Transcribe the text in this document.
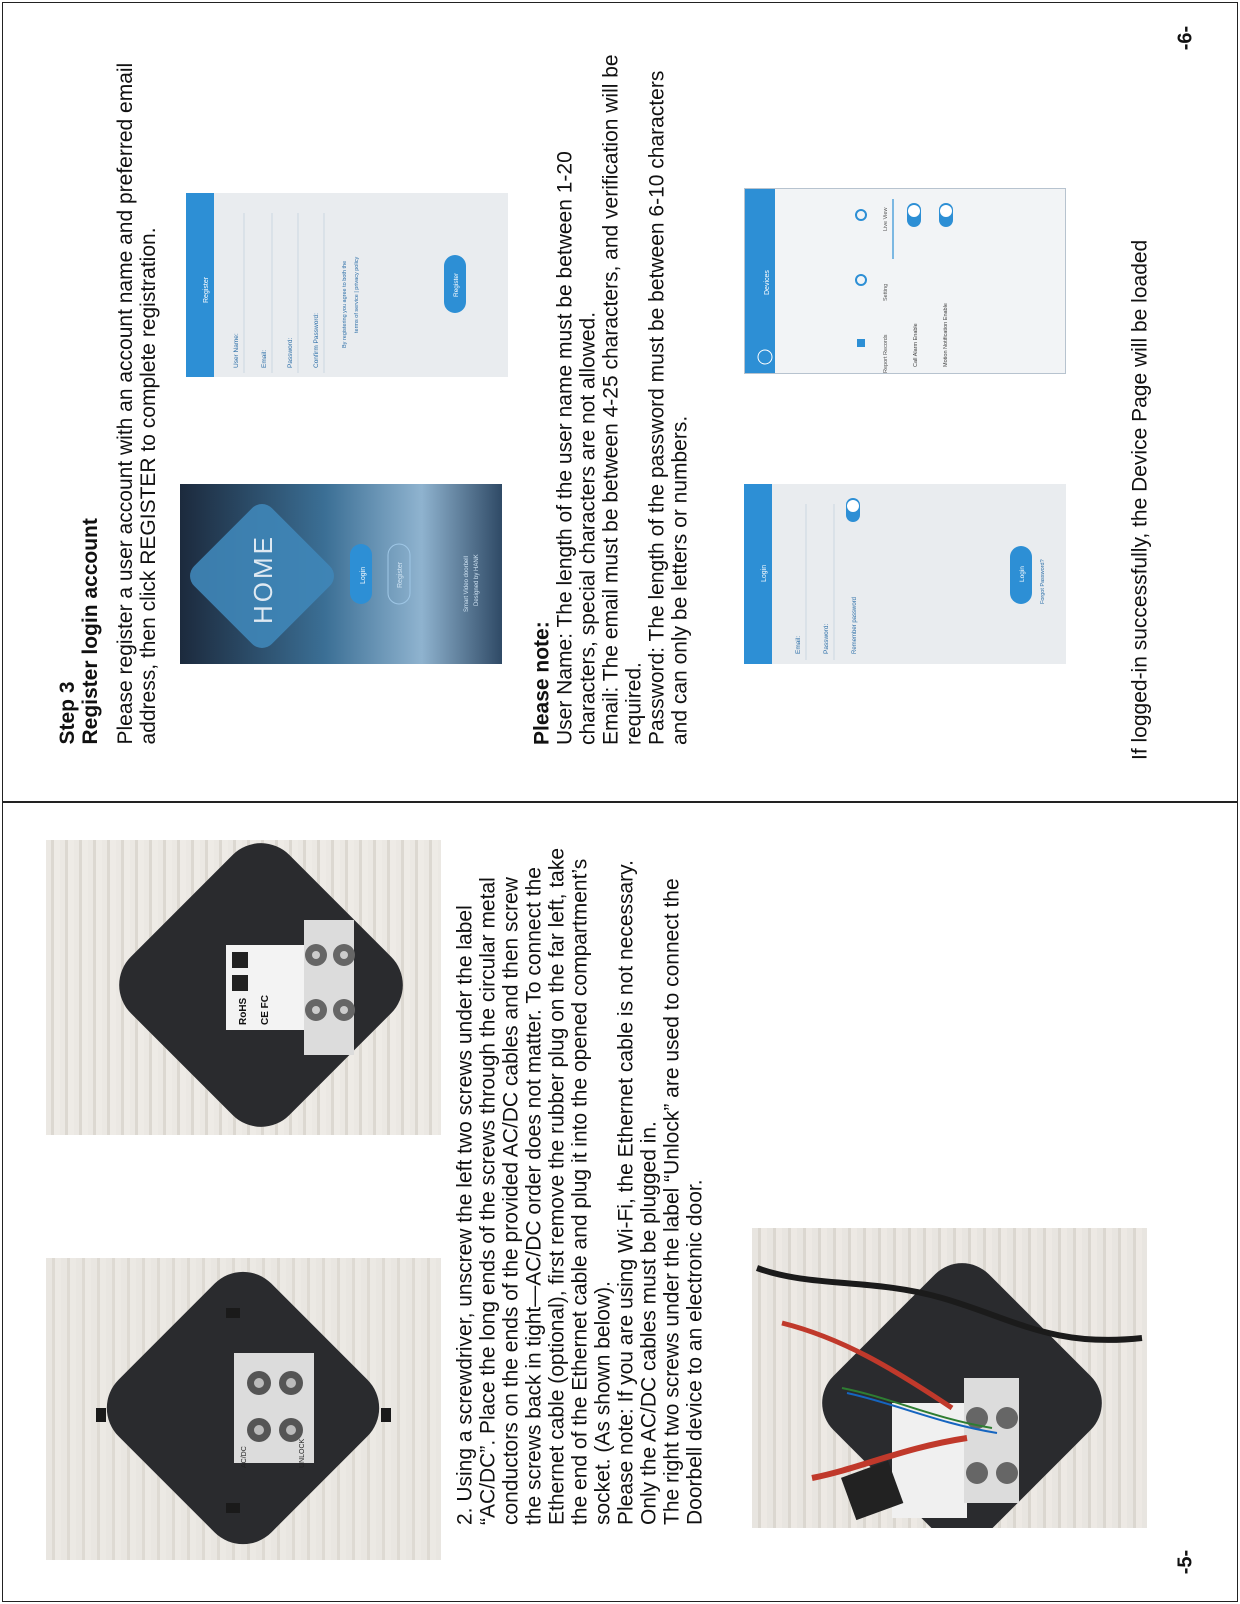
-5-
AC/DC	UNLOCK
RoHS CE FC	2. Using a screwdriver, unscrew the left two screws under the label “AC/DC”. Place the long ends of the screws through the circular metal conductors on the ends of the provided AC/DC cables and then screw the screws back in tight—AC/DC order does not matter. To connect the Ethernet cable (optional), first remove the rubber plug on the far left, take the end of the Ethernet cable and plug it into the opened compartment’s socket. (As shown below). Please note: If you are using Wi-Fi, the Ethernet cable is not necessary. Only the AC/DC cables must be plugged in. The right two screws under the label “Unlock” are used to connect the Doorbell device to an electronic door.

-6-

Step 3 Register login account Please register a user account with an account name and preferred email address, then click REGISTER to complete registration.	Please note: User Name: The length of the user name must be between 1-20 characters, special characters are not allowed. Email: The email must be between 4-25 characters, and verification will be required. Password: The length of the password must be between 6-10 characters and can only be letters or numbers.	If logged-in successfully, the Device Page will be loaded
HOME	Login	Register	Smart Video doorbell Designed by HANK
Register
User Name:	Email:	Password:	Confirm Password:	By registering you agree to both the terms of service | privacy policy	Register
Login
Email:	Password:	Remember password
Login	Forgot Password?
Devices
Report Records
Setting
Live View
Call Alarm Enable	Motion Notification Enable
